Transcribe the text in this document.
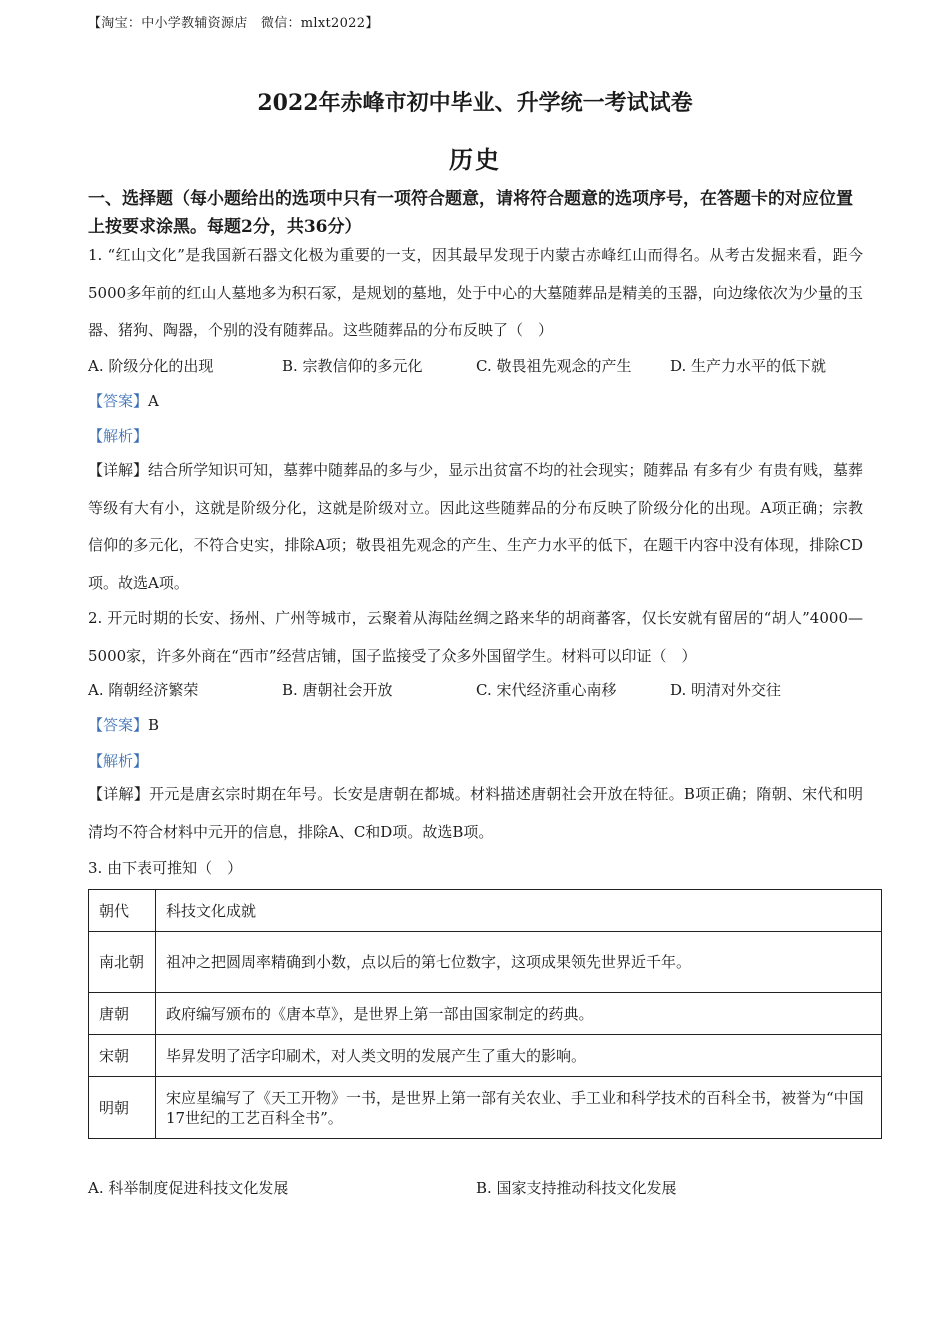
【淘宝：中小学教辅资源店　微信：mlxt2022】
2022年赤峰市初中毕业、升学统一考试试卷
历史
一、选择题（每小题给出的选项中只有一项符合题意，请将符合题意的选项序号，在答题卡的对应位置上按要求涂黑。每题2分，共36分）
1. “红山文化”是我国新石器文化极为重要的一支，因其最早发现于内蒙古赤峰红山而得名。从考古发掘来看，距今5000多年前的红山人墓地多为积石冢，是规划的墓地，处于中心的大墓随葬品是精美的玉器，向边缘依次为少量的玉器、猪狗、陶器，个别的没有随葬品。这些随葬品的分布反映了（　）
A. 阶级分化的出现	B. 宗教信仰的多元化	C. 敬畏祖先观念的产生	D. 生产力水平的低下就
【答案】A
【解析】
【详解】结合所学知识可知，墓葬中随葬品的多与少，显示出贫富不均的社会现实；随葬品 有多有少 有贵有贱，墓葬等级有大有小，这就是阶级分化，这就是阶级对立。因此这些随葬品的分布反映了阶级分化的出现。A项正确；宗教信仰的多元化，不符合史实，排除A项；敬畏祖先观念的产生、生产力水平的低下，在题干内容中没有体现，排除CD项。故选A项。
2. 开元时期的长安、扬州、广州等城市，云聚着从海陆丝绸之路来华的胡商蕃客，仅长安就有留居的“胡人”4000—5000家，许多外商在“西市”经营店铺，国子监接受了众多外国留学生。材料可以印证（　）
A. 隋朝经济繁荣	B. 唐朝社会开放	C. 宋代经济重心南移	D. 明清对外交往
【答案】B
【解析】
【详解】开元是唐玄宗时期在年号。长安是唐朝在都城。材料描述唐朝社会开放在特征。B项正确；隋朝、宋代和明清均不符合材料中元开的信息，排除A、C和D项。故选B项。
3. 由下表可推知（　）
朝代	科技文化成就
南北朝	祖冲之把圆周率精确到小数，点以后的第七位数字，这项成果领先世界近千年。
唐朝	政府编写颁布的《唐本草》，是世界上第一部由国家制定的药典。
宋朝	毕昇发明了活字印刷术，对人类文明的发展产生了重大的影响。
明朝	宋应星编写了《天工开物》一书，是世界上第一部有关农业、手工业和科学技术的百科全书，被誉为“中国17世纪的工艺百科全书”。
A. 科举制度促进科技文化发展	B. 国家支持推动科技文化发展
